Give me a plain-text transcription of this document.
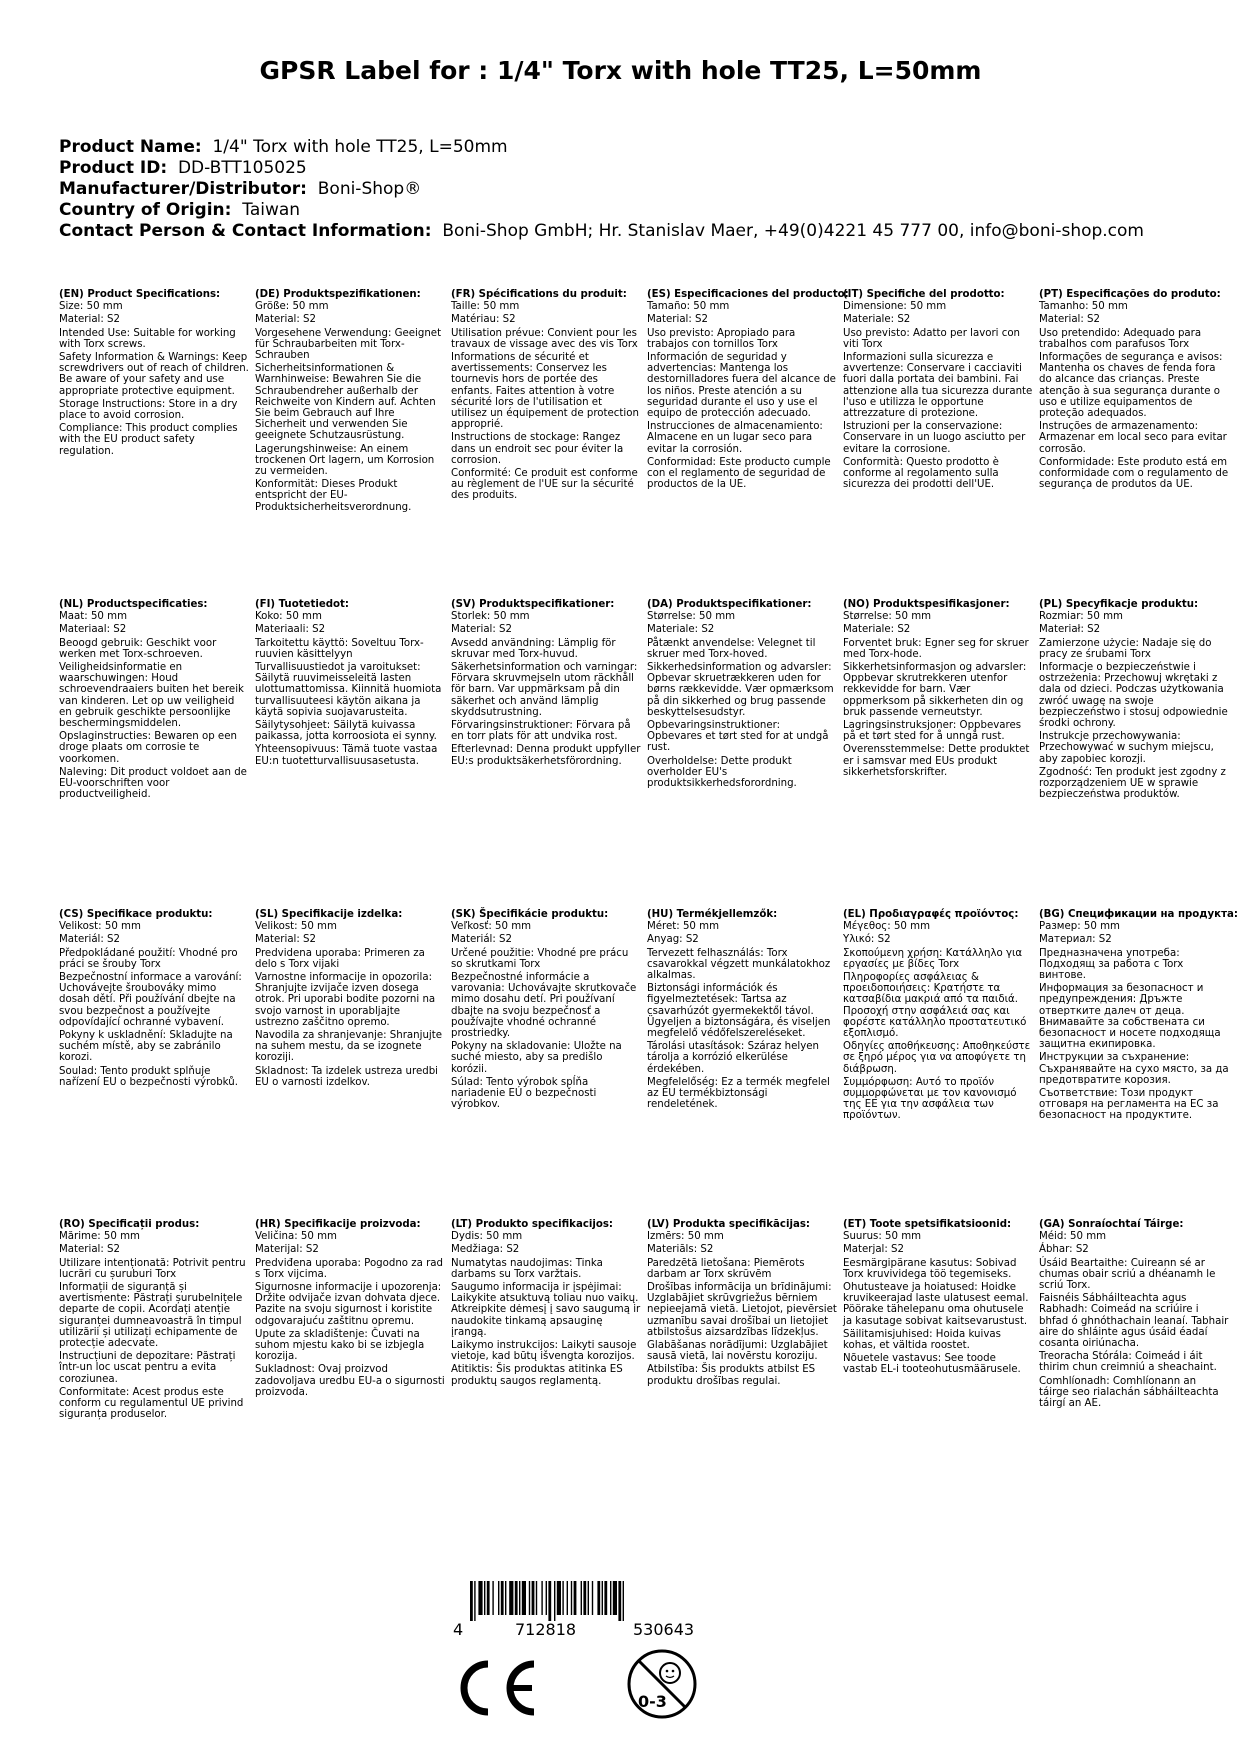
GPSR Label for : 1/4" Torx with hole TT25, L=50mm
Product Name: 1/4" Torx with hole TT25, L=50mm
Product ID: DD-BTT105025
Manufacturer/Distributor: Boni-Shop®
Country of Origin: Taiwan
Contact Person & Contact Information: Boni-Shop GmbH; Hr. Stanislav Maer, +49(0)4221 45 777 00, info@boni-shop.com
(EN) Product Specifications:
Size: 50 mm
Material: S2
Intended Use: Suitable for working with Torx screws.
Safety Information & Warnings: Keep screwdrivers out of reach of children. Be aware of your safety and use appropriate protective equipment.
Storage Instructions: Store in a dry place to avoid corrosion.
Compliance: This product complies with the EU product safety regulation.
(DE) Produktspezifikationen:
Größe: 50 mm
Material: S2
Vorgesehene Verwendung: Geeignet für Schraubarbeiten mit Torx-Schrauben
Sicherheitsinformationen & Warnhinweise: Bewahren Sie die Schraubendreher außerhalb der Reichweite von Kindern auf. Achten Sie beim Gebrauch auf Ihre Sicherheit und verwenden Sie geeignete Schutzausrüstung.
Lagerungshinweise: An einem trockenen Ort lagern, um Korrosion zu vermeiden.
Konformität: Dieses Produkt entspricht der EU-Produktsicherheitsverordnung.
(FR) Spécifications du produit:
Taille: 50 mm
Matériau: S2
Utilisation prévue: Convient pour les travaux de vissage avec des vis Torx
Informations de sécurité et avertissements: Conservez les tournevis hors de portée des enfants. Faites attention à votre sécurité lors de l'utilisation et utilisez un équipement de protection approprié.
Instructions de stockage: Rangez dans un endroit sec pour éviter la corrosion.
Conformité: Ce produit est conforme au règlement de l'UE sur la sécurité des produits.
(ES) Especificaciones del producto:
Tamaño: 50 mm
Material: S2
Uso previsto: Apropiado para trabajos con tornillos Torx
Información de seguridad y advertencias: Mantenga los destornilladores fuera del alcance de los niños. Preste atención a su seguridad durante el uso y use el equipo de protección adecuado.
Instrucciones de almacenamiento: Almacene en un lugar seco para evitar la corrosión.
Conformidad: Este producto cumple con el reglamento de seguridad de productos de la UE.
(IT) Specifiche del prodotto:
Dimensione: 50 mm
Materiale: S2
Uso previsto: Adatto per lavori con viti Torx
Informazioni sulla sicurezza e avvertenze: Conservare i cacciaviti fuori dalla portata dei bambini. Fai attenzione alla tua sicurezza durante l'uso e utilizza le opportune attrezzature di protezione.
Istruzioni per la conservazione: Conservare in un luogo asciutto per evitare la corrosione.
Conformità: Questo prodotto è conforme al regolamento sulla sicurezza dei prodotti dell'UE.
(PT) Especificações do produto:
Tamanho: 50 mm
Material: S2
Uso pretendido: Adequado para trabalhos com parafusos Torx
Informações de segurança e avisos: Mantenha os chaves de fenda fora do alcance das crianças. Preste atenção à sua segurança durante o uso e utilize equipamentos de proteção adequados.
Instruções de armazenamento: Armazenar em local seco para evitar corrosão.
Conformidade: Este produto está em conformidade com o regulamento de segurança de produtos da UE.
(NL) Productspecificaties:
Maat: 50 mm
Materiaal: S2
Beoogd gebruik: Geschikt voor werken met Torx-schroeven.
Veiligheidsinformatie en waarschuwingen: Houd schroevendraaiers buiten het bereik van kinderen. Let op uw veiligheid en gebruik geschikte persoonlijke beschermingsmiddelen.
Opslaginstructies: Bewaren op een droge plaats om corrosie te voorkomen.
Naleving: Dit product voldoet aan de EU-voorschriften voor productveiligheid.
(FI) Tuotetiedot:
Koko: 50 mm
Materiaali: S2
Tarkoitettu käyttö: Soveltuu Torx-ruuvien käsittelyyn
Turvallisuustiedot ja varoitukset: Säilytä ruuvimeisseleitä lasten ulottumattomissa. Kiinnitä huomiota turvallisuuteesi käytön aikana ja käytä sopivia suojavarusteita.
Säilytysohjeet: Säilytä kuivassa paikassa, jotta korroosiota ei synny.
Yhteensopivuus: Tämä tuote vastaa EU:n tuotetturvallisuusasetusta.
(SV) Produktspecifikationer:
Storlek: 50 mm
Material: S2
Avsedd användning: Lämplig för skruvar med Torx-huvud.
Säkerhetsinformation och varningar: Förvara skruvmejseln utom räckhåll för barn. Var uppmärksam på din säkerhet och använd lämplig skyddsutrustning.
Förvaringsinstruktioner: Förvara på en torr plats för att undvika rost.
Efterlevnad: Denna produkt uppfyller EU:s produktsäkerhetsförordning.
(DA) Produktspecifikationer:
Størrelse: 50 mm
Materiale: S2
Påtænkt anvendelse: Velegnet til skruer med Torx-hoved.
Sikkerhedsinformation og advarsler: Opbevar skruetrækkeren uden for børns rækkevidde. Vær opmærksom på din sikkerhed og brug passende beskyttelsesudstyr.
Opbevaringsinstruktioner: Opbevares et tørt sted for at undgå rust.
Overholdelse: Dette produkt overholder EU's produktsikkerhedsforordning.
(NO) Produktspesifikasjoner:
Størrelse: 50 mm
Materiale: S2
Forventet bruk: Egner seg for skruer med Torx-hode.
Sikkerhetsinformasjon og advarsler: Oppbevar skrutrekkeren utenfor rekkevidde for barn. Vær oppmerksom på sikkerheten din og bruk passende verneutstyr.
Lagringsinstruksjoner: Oppbevares på et tørt sted for å unngå rust.
Overensstemmelse: Dette produktet er i samsvar med EUs produkt sikkerhetsforskrifter.
(PL) Specyfikacje produktu:
Rozmiar: 50 mm
Materiał: S2
Zamierzone użycie: Nadaje się do pracy ze śrubami Torx
Informacje o bezpieczeństwie i ostrzeżenia: Przechowuj wkrętaki z dala od dzieci. Podczas użytkowania zwróć uwagę na swoje bezpieczeństwo i stosuj odpowiednie środki ochrony.
Instrukcje przechowywania: Przechowywać w suchym miejscu, aby zapobiec korozji.
Zgodność: Ten produkt jest zgodny z rozporządzeniem UE w sprawie bezpieczeństwa produktów.
(CS) Specifikace produktu:
Velikost: 50 mm
Materiál: S2
Předpokládané použití: Vhodné pro práci se šrouby Torx
Bezpečnostní informace a varování: Uchovávejte šroubováky mimo dosah dětí. Při používání dbejte na svou bezpečnost a používejte odpovídající ochranné vybavení.
Pokyny k uskladnění: Skladujte na suchém místě, aby se zabránilo korozi.
Soulad: Tento produkt splňuje nařízení EU o bezpečnosti výrobků.
(SL) Specifikacije izdelka:
Velikost: 50 mm
Material: S2
Predvidena uporaba: Primeren za delo s Torx vijaki
Varnostne informacije in opozorila: Shranjujte izvijače izven dosega otrok. Pri uporabi bodite pozorni na svojo varnost in uporabljajte ustrezno zaščitno opremo.
Navodila za shranjevanje: Shranjujte na suhem mestu, da se izognete koroziji.
Skladnost: Ta izdelek ustreza uredbi EU o varnosti izdelkov.
(SK) Špecifikácie produktu:
Veľkosť: 50 mm
Materiál: S2
Určené použitie: Vhodné pre prácu so skrutkami Torx
Bezpečnostné informácie a varovania: Uchovávajte skrutkovače mimo dosahu detí. Pri používaní dbajte na svoju bezpečnosť a používajte vhodné ochranné prostriedky.
Pokyny na skladovanie: Uložte na suché miesto, aby sa predišlo korózii.
Súlad: Tento výrobok spĺňa nariadenie EÚ o bezpečnosti výrobkov.
(HU) Termékjellemzők:
Méret: 50 mm
Anyag: S2
Tervezett felhasználás: Torx csavarokkal végzett munkálatokhoz alkalmas.
Biztonsági információk és figyelmeztetések: Tartsa az csavarhúzót gyermekektől távol. Ügyeljen a biztonságára, és viseljen megfelelő védőfelszereléseket.
Tárolási utasítások: Száraz helyen tárolja a korrózió elkerülése érdekében.
Megfelelőség: Ez a termék megfelel az EU termékbiztonsági rendeletének.
(EL) Προδιαγραφές προϊόντος:
Μέγεθος: 50 mm
Υλικό: S2
Σκοπούμενη χρήση: Κατάλληλο για εργασίες με βίδες Torx
Πληροφορίες ασφάλειας & προειδοποιήσεις: Κρατήστε τα κατσαβίδια μακριά από τα παιδιά. Προσοχή στην ασφάλειά σας και φορέστε κατάλληλο προστατευτικό εξοπλισμό.
Οδηγίες αποθήκευσης: Αποθηκεύστε σε ξηρό μέρος για να αποφύγετε τη διάβρωση.
Συμμόρφωση: Αυτό το προϊόν συμμορφώνεται με τον κανονισμό της ΕΕ για την ασφάλεια των προϊόντων.
(BG) Спецификации на продукта:
Размер: 50 mm
Материал: S2
Предназначена употреба: Подходящ за работа с Torx винтове.
Информация за безопасност и предупреждения: Дръжте отвертките далеч от деца. Внимавайте за собствената си безопасност и носете подходяща защитна екипировка.
Инструкции за съхранение: Съхранявайте на сухо място, за да предотвратите корозия.
Съответствие: Този продукт отговаря на регламента на ЕС за безопасност на продуктите.
(RO) Specificații produs:
Mărime: 50 mm
Material: S2
Utilizare intenționată: Potrivit pentru lucrări cu șuruburi Torx
Informații de siguranță și avertismente: Păstrați șurubelnițele departe de copii. Acordați atenție siguranței dumneavoastră în timpul utilizării și utilizați echipamente de protecție adecvate.
Instrucțiuni de depozitare: Păstrați într-un loc uscat pentru a evita coroziunea.
Conformitate: Acest produs este conform cu regulamentul UE privind siguranța produselor.
(HR) Specifikacije proizvoda:
Veličina: 50 mm
Materijal: S2
Predviđena uporaba: Pogodno za rad s Torx vijcima.
Sigurnosne informacije i upozorenja: Držite odvijače izvan dohvata djece. Pazite na svoju sigurnost i koristite odgovarajuću zaštitnu opremu.
Upute za skladištenje: Čuvati na suhom mjestu kako bi se izbjegla korozija.
Sukladnost: Ovaj proizvod zadovoljava uredbu EU-a o sigurnosti proizvoda.
(LT) Produkto specifikacijos:
Dydis: 50 mm
Medžiaga: S2
Numatytas naudojimas: Tinka darbams su Torx varžtais.
Saugumo informacija ir įspėjimai: Laikykite atsuktuvą toliau nuo vaikų. Atkreipkite dėmesį į savo saugumą ir naudokite tinkamą apsauginę įrangą.
Laikymo instrukcijos: Laikyti sausoje vietoje, kad būtų išvengta korozijos.
Atitiktis: Šis produktas atitinka ES produktų saugos reglamentą.
(LV) Produkta specifikācijas:
Izmērs: 50 mm
Materiāls: S2
Paredzētā lietošana: Piemērots darbam ar Torx skrūvēm
Drošības informācija un brīdinājumi: Uzglabājiet skrūvgriežus bērniem nepieejamā vietā. Lietojot, pievērsiet uzmanību savai drošībai un lietojiet atbilstošus aizsardzības līdzekļus.
Glabāšanas norādījumi: Uzglabājiet sausā vietā, lai novērstu koroziju.
Atbilstība: Šis produkts atbilst ES produktu drošības regulai.
(ET) Toote spetsifikatsioonid:
Suurus: 50 mm
Materjal: S2
Eesmärgipärane kasutus: Sobivad Torx kruvividega töö tegemiseks.
Ohutusteave ja hoiatused: Hoidke kruvikeerajad laste ulatusest eemal. Pöörake tähelepanu oma ohutusele ja kasutage sobivat kaitsevarustust.
Säilitamisjuhised: Hoida kuivas kohas, et vältida roostet.
Nõuetele vastavus: See toode vastab EL-i tooteohutusmäärusele.
(GA) Sonraíochtaí Táirge:
Méid: 50 mm
Ábhar: S2
Úsáid Beartaithe: Cuireann sé ar chumas obair scriú a dhéanamh le scriú Torx.
Faisnéis Sábháilteachta agus Rabhadh: Coimeád na scriúire i bhfad ó ghnóthachain leanaí. Tabhair aire do shláinte agus úsáid éadaí cosanta oiriúnacha.
Treoracha Stórála: Coimeád i áit thirim chun creimniú a sheachaint.
Comhlíonadh: Comhlíonann an táirge seo rialachán sábháilteachta táirgí an AE.
4	712818	530643
0-3
